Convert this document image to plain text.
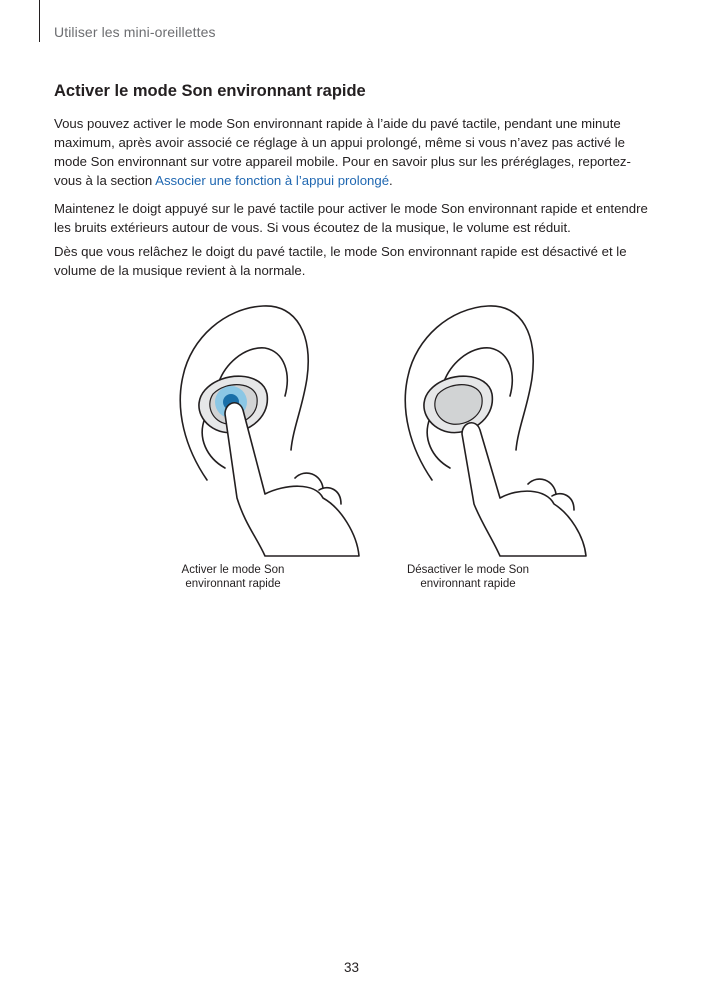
Utiliser les mini-oreillettes
Activer le mode Son environnant rapide

Vous pouvez activer le mode Son environnant rapide à l’aide du pavé tactile, pendant une minute maximum, après avoir associé ce réglage à un appui prolongé, même si vous n’avez pas activé le mode Son environnant sur votre appareil mobile. Pour en savoir plus sur les préréglages, reportez-vous à la section Associer une fonction à l’appui prolongé.

Maintenez le doigt appuyé sur le pavé tactile pour activer le mode Son environnant rapide et entendre les bruits extérieurs autour de vous. Si vous écoutez de la musique, le volume est réduit.

Dès que vous relâchez le doigt du pavé tactile, le mode Son environnant rapide est désactivé et le volume de la musique revient à la normale.

Activer le mode Son
environnant rapide
Désactiver le mode Son
environnant rapide
33
